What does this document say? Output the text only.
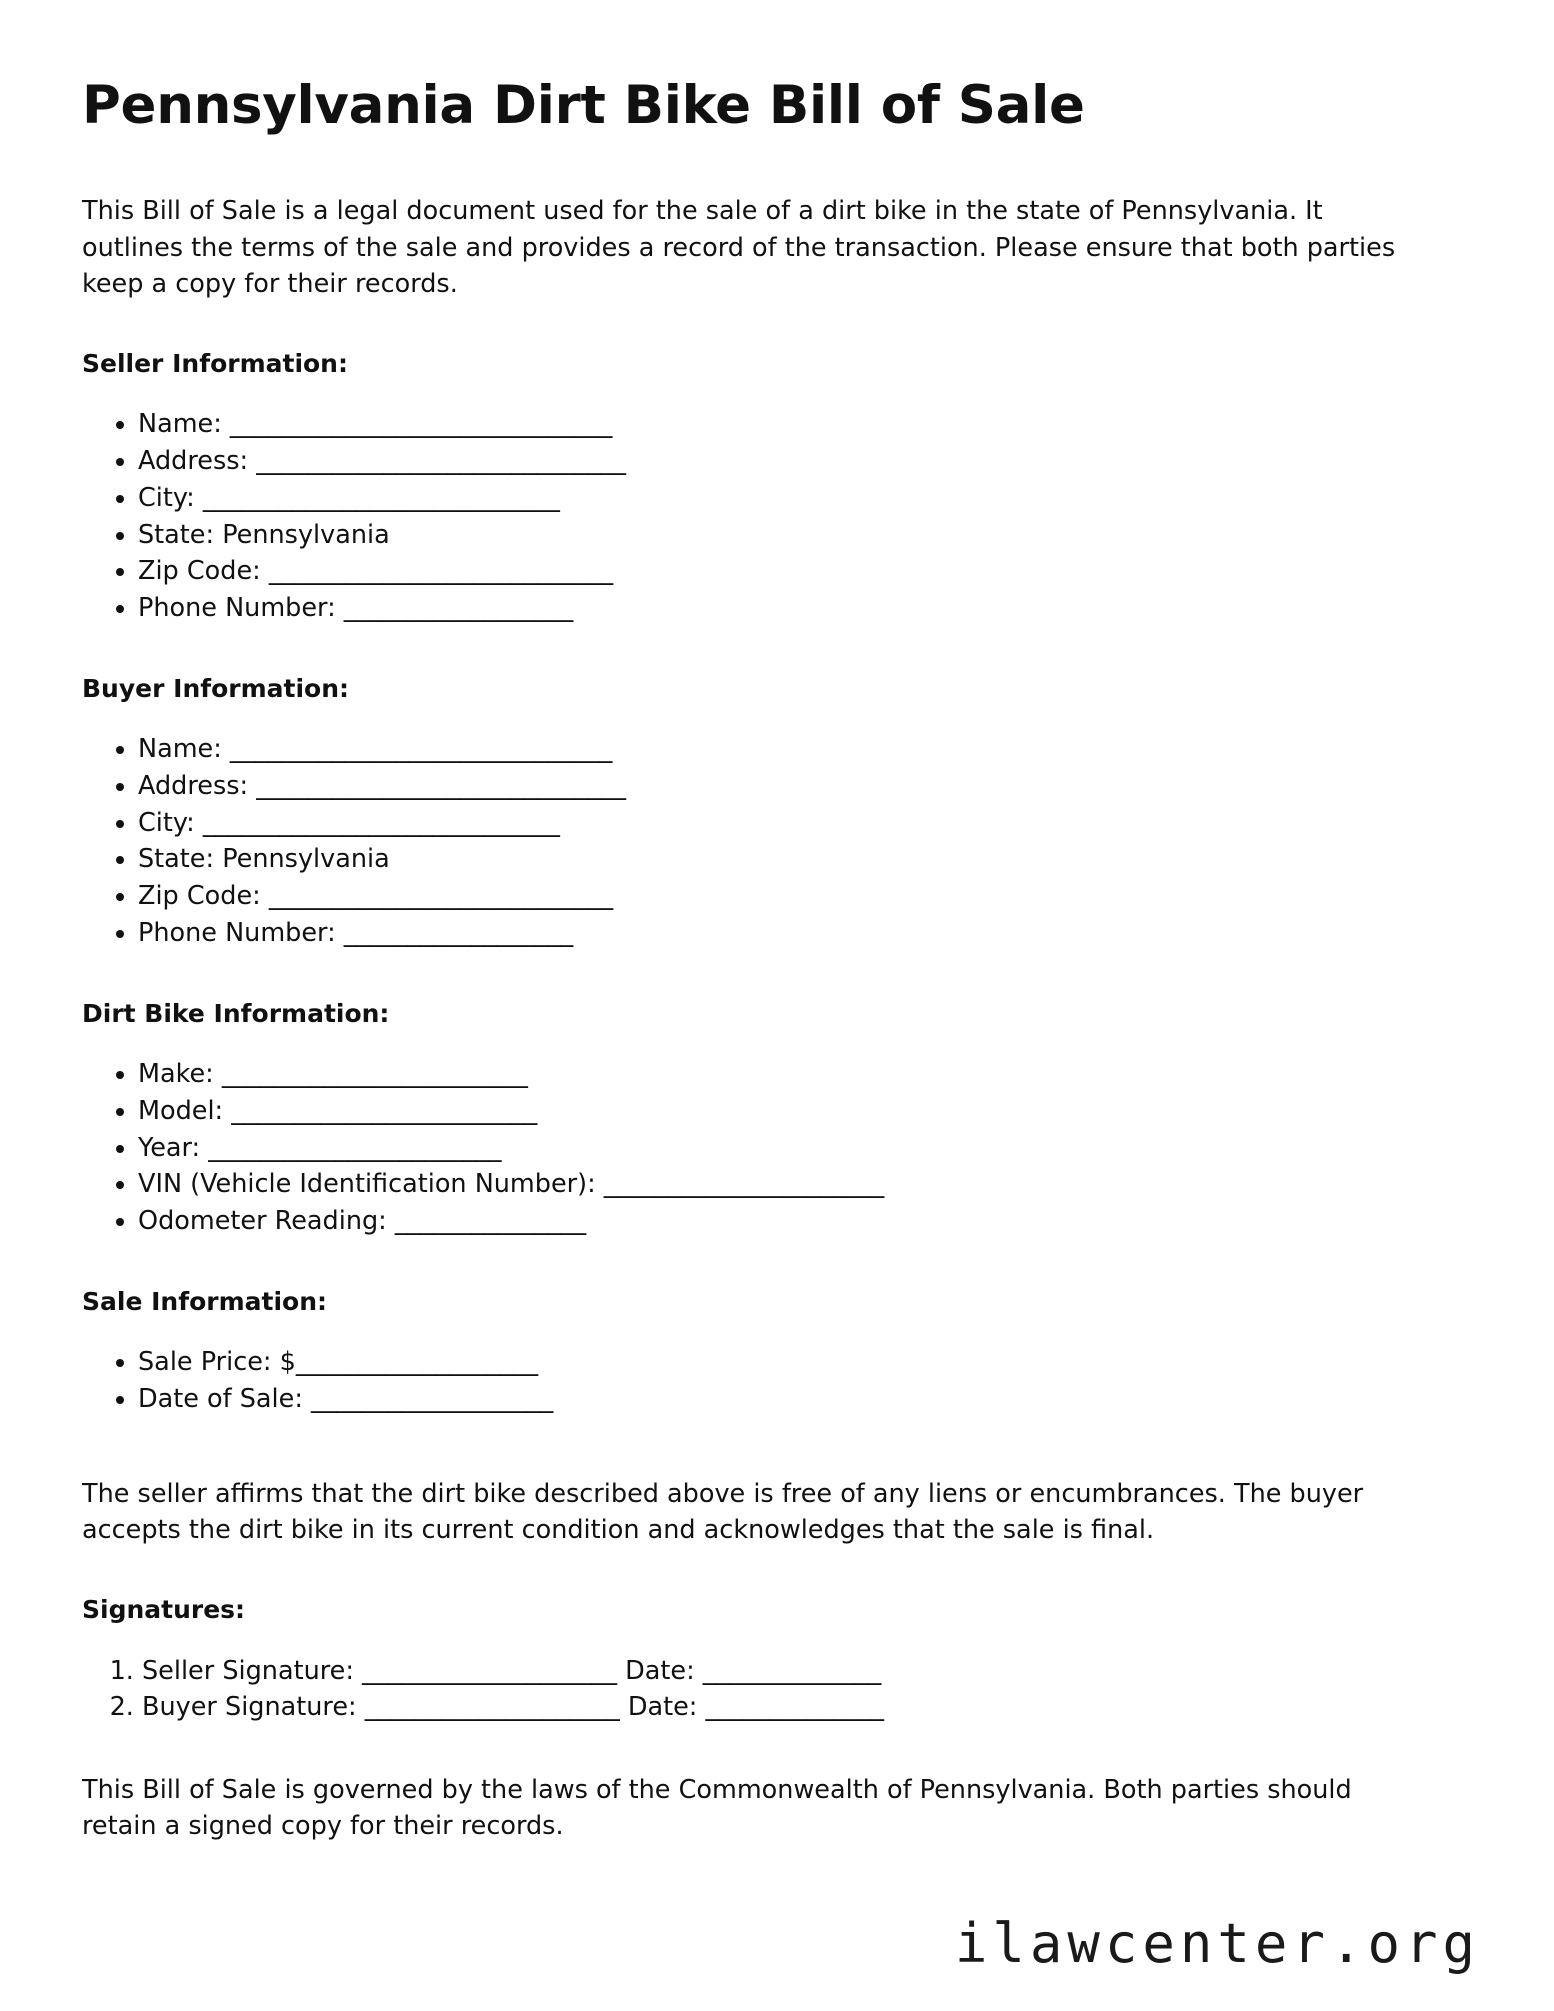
Pennsylvania Dirt Bike Bill of Sale

This Bill of Sale is a legal document used for the sale of a dirt bike in the state of Pennsylvania. It outlines the terms of the sale and provides a record of the transaction. Please ensure that both parties keep a copy for their records.

Seller Information:
• Name: ______________________________
• Address: _____________________________
• City: ____________________________
• State: Pennsylvania
• Zip Code: ___________________________
• Phone Number: __________________
Buyer Information:
• Name: ______________________________
• Address: _____________________________
• City: ____________________________
• State: Pennsylvania
• Zip Code: ___________________________
• Phone Number: __________________
Dirt Bike Information:
• Make: ________________________
• Model: ________________________
• Year: _______________________
• VIN (Vehicle Identification Number): ______________________
• Odometer Reading: _______________
Sale Information:
• Sale Price: $___________________
• Date of Sale: ___________________

The seller affirms that the dirt bike described above is free of any liens or encumbrances. The buyer accepts the dirt bike in its current condition and acknowledges that the sale is final.

Signatures:
1. Seller Signature: ____________________ Date: ______________
2. Buyer Signature: ____________________ Date: ______________

This Bill of Sale is governed by the laws of the Commonwealth of Pennsylvania. Both parties should retain a signed copy for their records.

ilawcenter.org
